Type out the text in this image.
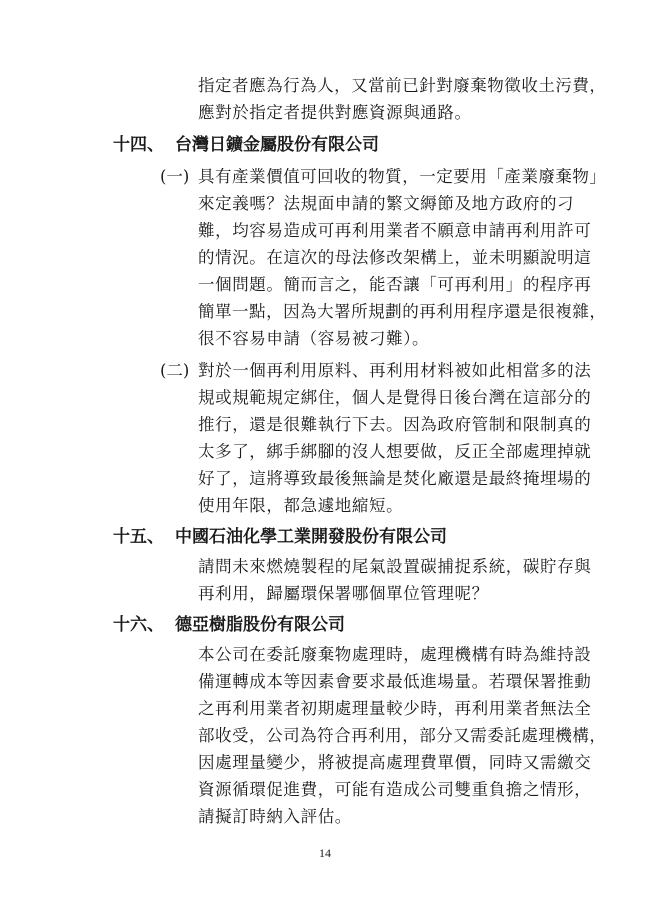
指定者應為行為人，又當前已針對廢棄物徵收土污費，
應對於指定者提供對應資源與通路。
十四、 台灣日鑛金屬股份有限公司
(一) 具有產業價值可回收的物質，一定要用「產業廢棄物」
來定義嗎？法規面申請的繁文縟節及地方政府的刁
難，均容易造成可再利用業者不願意申請再利用許可
的情況。在這次的母法修改架構上，並未明顯說明這
一個問題。簡而言之，能否讓「可再利用」的程序再
簡單一點，因為大署所規劃的再利用程序還是很複雜，
很不容易申請（容易被刁難）。
(二) 對於一個再利用原料、再利用材料被如此相當多的法
規或規範規定綁住，個人是覺得日後台灣在這部分的
推行，還是很難執行下去。因為政府管制和限制真的
太多了，綁手綁腳的沒人想要做，反正全部處理掉就
好了，這將導致最後無論是焚化廠還是最終掩埋場的
使用年限，都急遽地縮短。
十五、 中國石油化學工業開發股份有限公司
請問未來燃燒製程的尾氣設置碳捕捉系統，碳貯存與
再利用，歸屬環保署哪個單位管理呢？
十六、 德亞樹脂股份有限公司
本公司在委託廢棄物處理時，處理機構有時為維持設
備運轉成本等因素會要求最低進場量。若環保署推動
之再利用業者初期處理量較少時，再利用業者無法全
部收受，公司為符合再利用，部分又需委託處理機構，
因處理量變少，將被提高處理費單價，同時又需繳交
資源循環促進費，可能有造成公司雙重負擔之情形，
請擬訂時納入評估。
14
